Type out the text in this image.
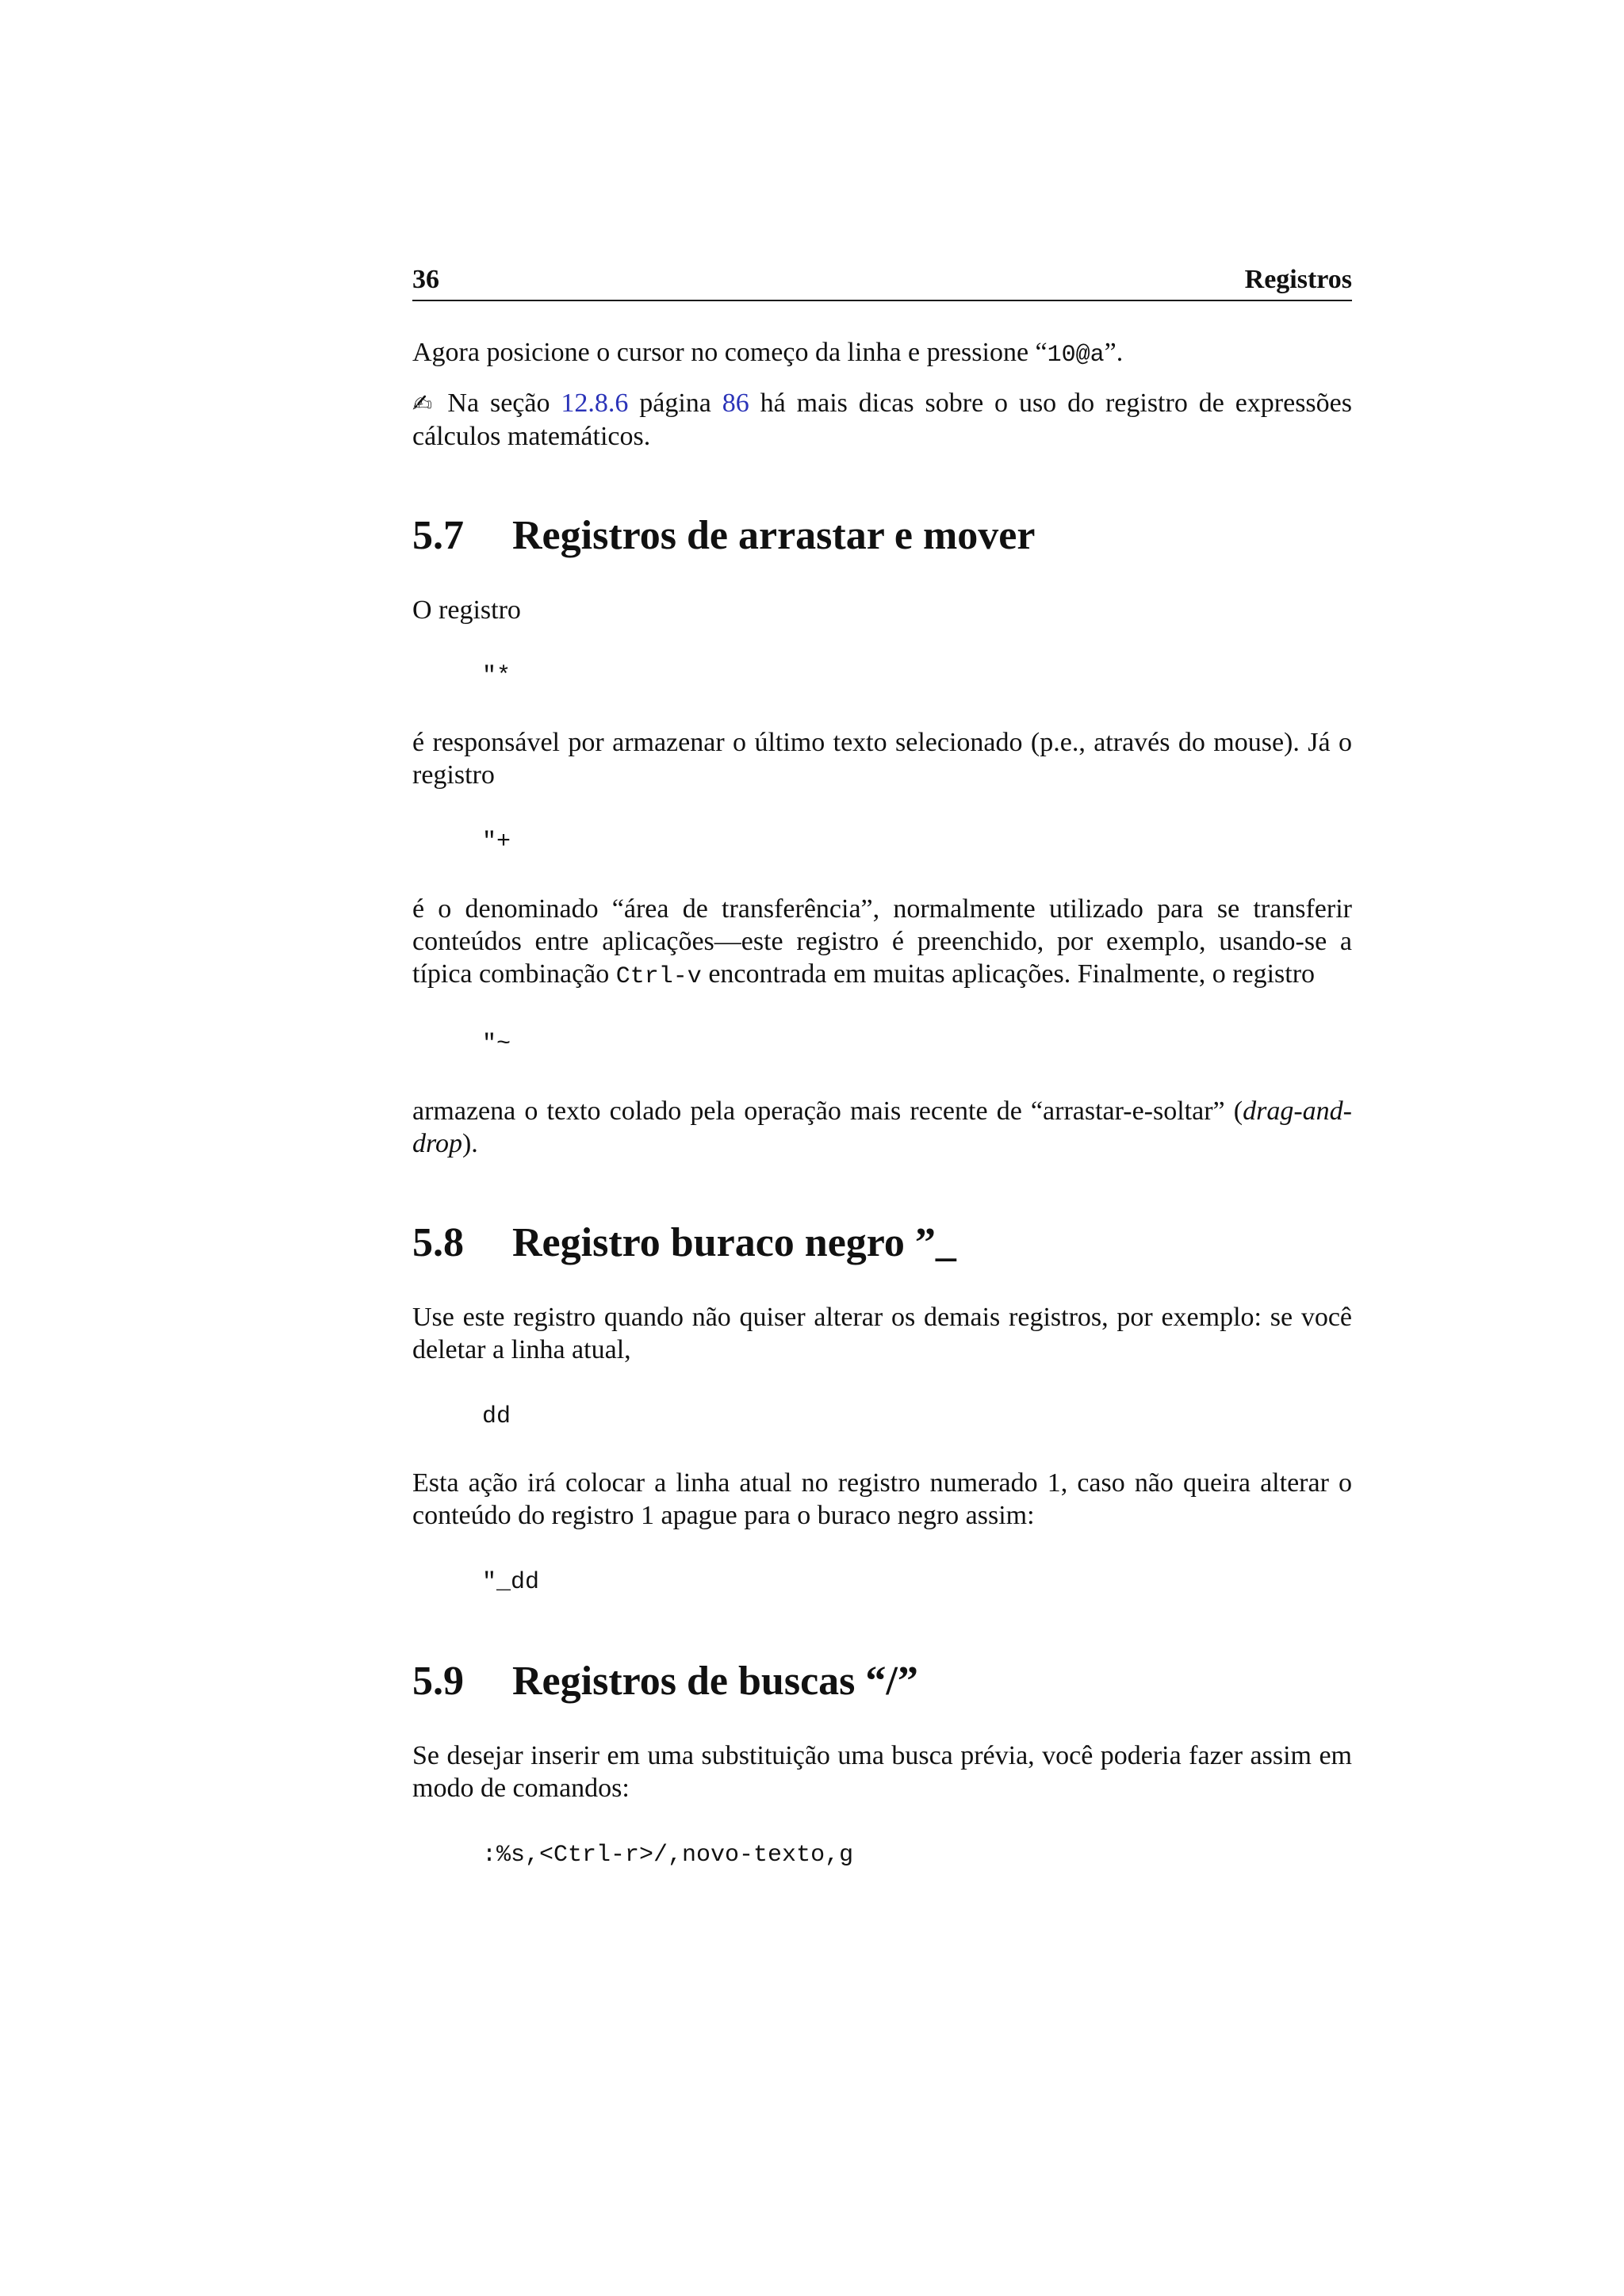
36	Registros

Agora posicione o cursor no começo da linha e pressione “10@a”.

✍ Na seção 12.8.6 página 86 há mais dicas sobre o uso do registro de expressões cálculos matemáticos.

5.7	Registros de arrastar e mover

O registro

"*

é responsável por armazenar o último texto selecionado (p.e., através do mouse). Já o registro

"+

é o denominado “área de transferência”, normalmente utilizado para se transferir conteúdos entre aplicações—este registro é preenchido, por exemplo, usando-se a típica combinação Ctrl-v encontrada em muitas aplicações. Finalmente, o registro

"~

armazena o texto colado pela operação mais recente de “arrastar-e-soltar” (drag-and-drop).

5.8	Registro buraco negro ”_

Use este registro quando não quiser alterar os demais registros, por exemplo: se você deletar a linha atual,

dd

Esta ação irá colocar a linha atual no registro numerado 1, caso não queira alterar o conteúdo do registro 1 apague para o buraco negro assim:

"_dd
5.9	Registros de buscas “/”

Se desejar inserir em uma substituição uma busca prévia, você poderia fazer assim em modo de comandos:

:%s,<Ctrl-r>/,novo-texto,g
